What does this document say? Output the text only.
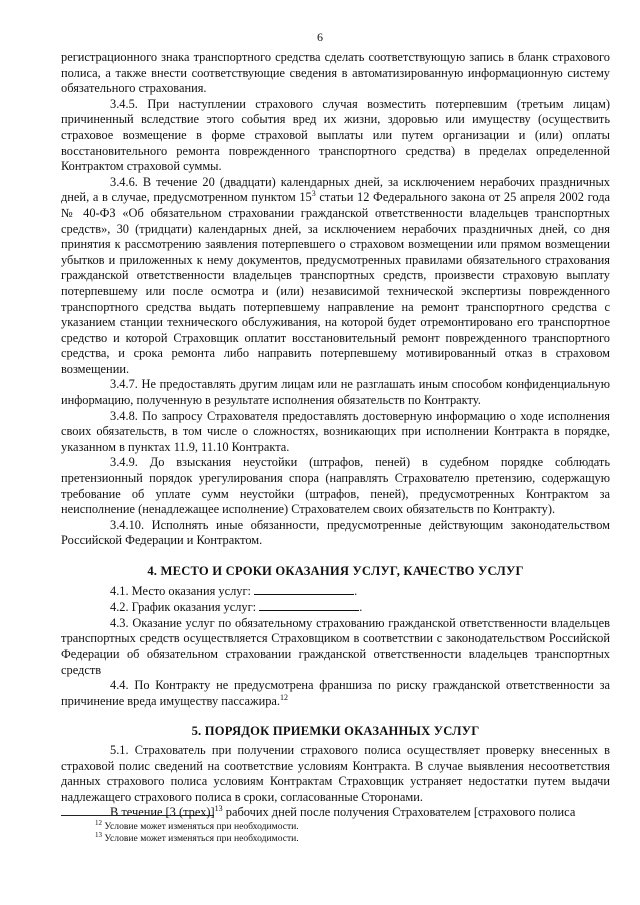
6

регистрационного знака транспортного средства сделать соответствующую запись в бланк страхового полиса, а также внести соответствующие сведения в автоматизированную информационную систему обязательного страхования.

3.4.5. При наступлении страхового случая возместить потерпевшим (третьим лицам) причиненный вследствие этого события вред их жизни, здоровью или имуществу (осуществить страховое возмещение в форме страховой выплаты или путем организации и (или) оплаты восстановительного ремонта поврежденного транспортного средства) в пределах определенной Контрактом страховой суммы.

3.4.6. В течение 20 (двадцати) календарных дней, за исключением нерабочих праздничных дней, а в случае, предусмотренном пунктом $15^3$ статьи 12 Федерального закона от 25 апреля 2002 года № 40-ФЗ «Об обязательном страховании гражданской ответственности владельцев транспортных средств», 30 (тридцати) календарных дней, за исключением нерабочих праздничных дней, со дня принятия к рассмотрению заявления потерпевшего о страховом возмещении или прямом возмещении убытков и приложенных к нему документов, предусмотренных правилами обязательного страхования гражданской ответственности владельцев транспортных средств, произвести страховую выплату потерпевшему или после осмотра и (или) независимой технической экспертизы поврежденного транспортного средства выдать потерпевшему направление на ремонт транспортного средства с указанием станции технического обслуживания, на которой будет отремонтировано его транспортное средство и которой Страховщик оплатит восстановительный ремонт поврежденного транспортного средства, и срока ремонта либо направить потерпевшему мотивированный отказ в страховом возмещении.

3.4.7. Не предоставлять другим лицам или не разглашать иным способом конфиденциальную информацию, полученную в результате исполнения обязательств по Контракту.

3.4.8. По запросу Страхователя предоставлять достоверную информацию о ходе исполнения своих обязательств, в том числе о сложностях, возникающих при исполнении Контракта в порядке, указанном в пунктах 11.9, 11.10 Контракта.

3.4.9. До взыскания неустойки (штрафов, пеней) в судебном порядке соблюдать претензионный порядок урегулирования спора (направлять Страхователю претензию, содержащую требование об уплате сумм неустойки (штрафов, пеней), предусмотренных Контрактом за неисполнение (ненадлежащее исполнение) Страхователем своих обязательств по Контракту).

3.4.10. Исполнять иные обязанности, предусмотренные действующим законодательством Российской Федерации и Контрактом.

4. МЕСТО И СРОКИ ОКАЗАНИЯ УСЛУГ, КАЧЕСТВО УСЛУГ

4.1. Место оказания услуг:	.

4.2. График оказания услуг:	.

4.3. Оказание услуг по обязательному страхованию гражданской ответственности владельцев транспортных средств осуществляется Страховщиком в соответствии с законодательством Российской Федерации об обязательном страховании гражданской ответственности владельцев транспортных средств

4.4. По Контракту не предусмотрена франшиза по риску гражданской ответственности за причинение вреда имуществу пассажира.$^{12}$

5. ПОРЯДОК ПРИЕМКИ ОКАЗАННЫХ УСЛУГ

5.1. Страхователь при получении страхового полиса осуществляет проверку внесенных в страховой полис сведений на соответствие условиям Контракта. В случае выявления несоответствия данных страхового полиса условиям Контрактам Страховщик устраняет недостатки путем выдачи надлежащего страхового полиса в сроки, согласованные Сторонами.

В течение [3 (трех)]$^{13}$ рабочих дней после получения Страхователем [страхового полиса

$^{12}$ Условие может изменяться при необходимости.
$^{13}$ Условие может изменяться при необходимости.
